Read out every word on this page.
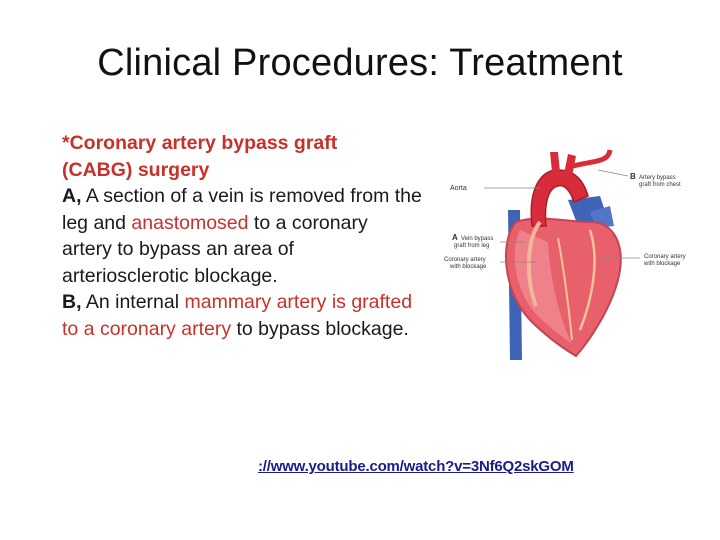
Clinical Procedures: Treatment

*Coronary artery bypass graft
(CABG) surgery

A, A section of a vein is removed from the leg and anastomosed to a coronary artery to bypass an area of arteriosclerotic blockage.

B, An internal mammary artery is grafted to a coronary artery to bypass blockage.

Aorta
B Artery bypass
graft from chest
A Vein bypass
graft from leg
Coronary artery
with blockage
Coronary artery
with blockage
://www.youtube.com/watch?v=3Nf6Q2skGOM
